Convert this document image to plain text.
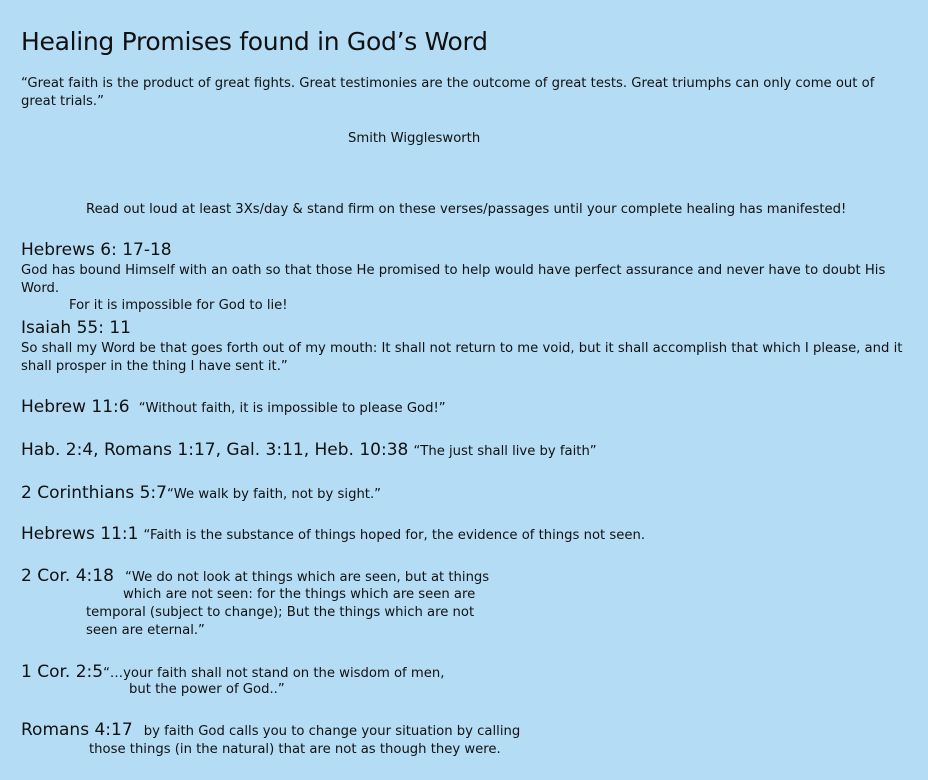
Healing Promises found in God’s Word
“Great faith is the product of great fights. Great testimonies are the outcome of great tests. Great triumphs can only come out of great trials.”
Smith Wigglesworth
Read out loud at least 3Xs/day & stand firm on these verses/passages until your complete healing has manifested!
Hebrews 6: 17-18
God has bound Himself with an oath so that those He promised to help would have perfect assurance and never have to doubt His Word.
For it is impossible for God to lie!
Isaiah 55: 11
So shall my Word be that goes forth out of my mouth: It shall not return to me void, but it shall accomplish that which I please, and it shall prosper in the thing I have sent it.”
Hebrew 11:6 “Without faith, it is impossible to please God!”
Hab. 2:4, Romans 1:17, Gal. 3:11, Heb. 10:38 “The just shall live by faith”
2 Corinthians 5:7“We walk by faith, not by sight.”
Hebrews 11:1 “Faith is the substance of things hoped for, the evidence of things not seen.
2 Cor. 4:18 “We do not look at things which are seen, but at things
which are not seen: for the things which are seen are
temporal (subject to change); But the things which are not
seen are eternal.”
1 Cor. 2:5“…your faith shall not stand on the wisdom of men,
but the power of God..”
Romans 4:17 by faith God calls you to change your situation by calling
those things (in the natural) that are not as though they were.
